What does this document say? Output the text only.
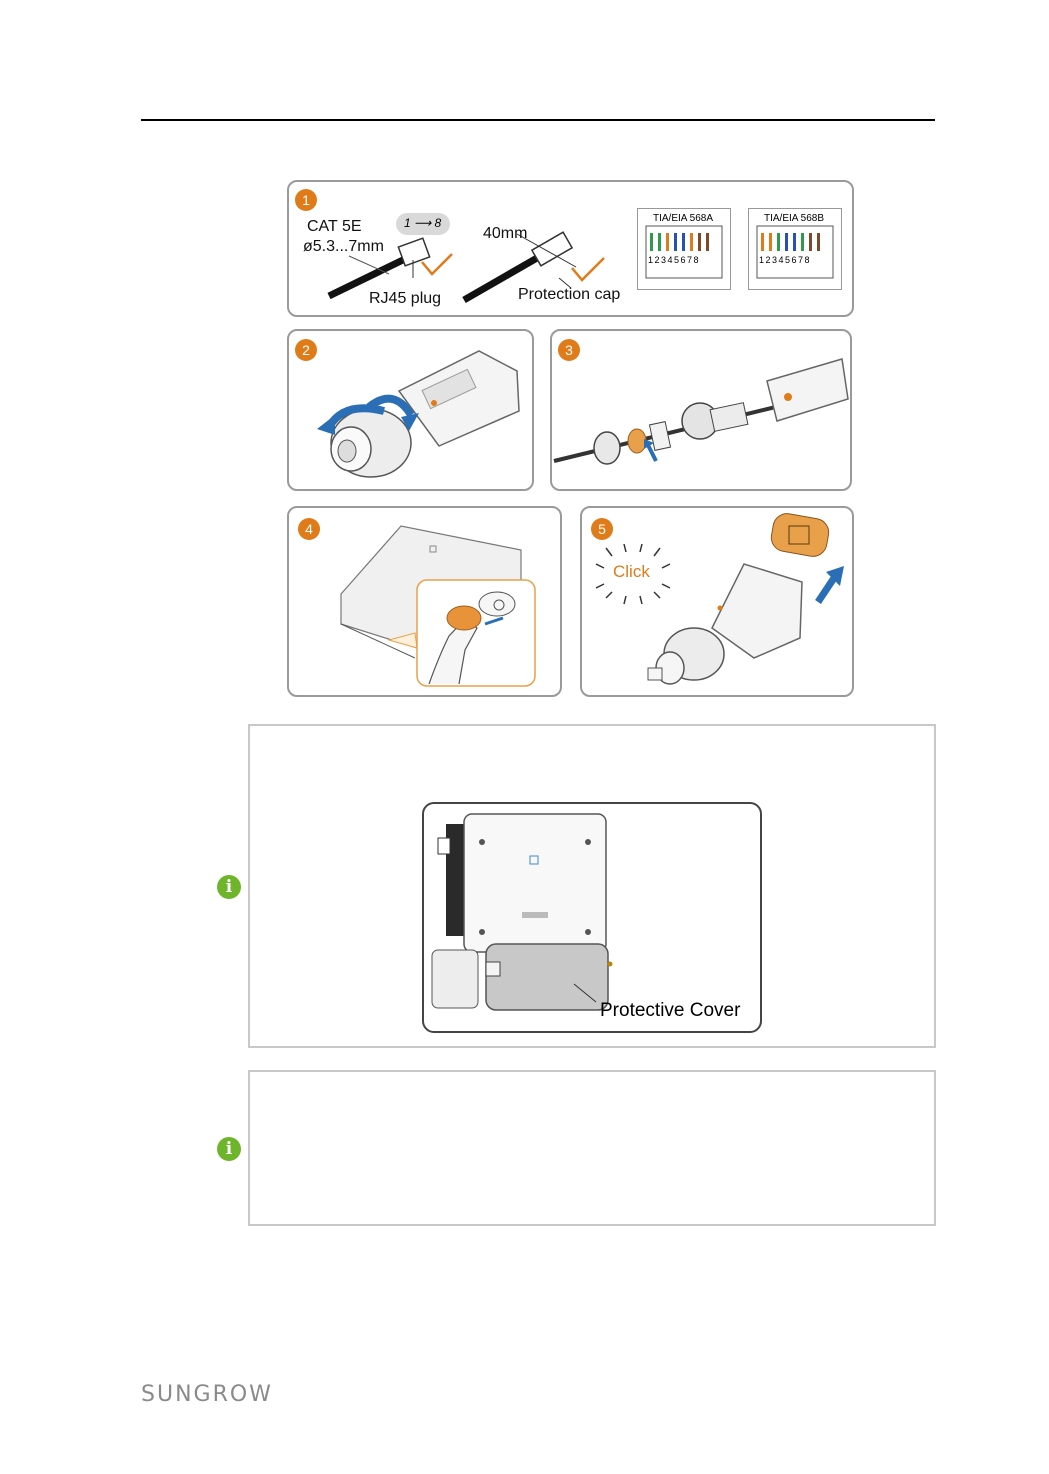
1
CAT 5E
ø5.3...7mm
1 ⟶ 8
RJ45 plug
40mm
Protection cap
TIA/EIA 568A
1 2 3 4 5 6 7 8
TIA/EIA 568B
1 2 3 4 5 6 7 8
2	3
4	5
Click
i
Protective Cover
i
SUNGROW
